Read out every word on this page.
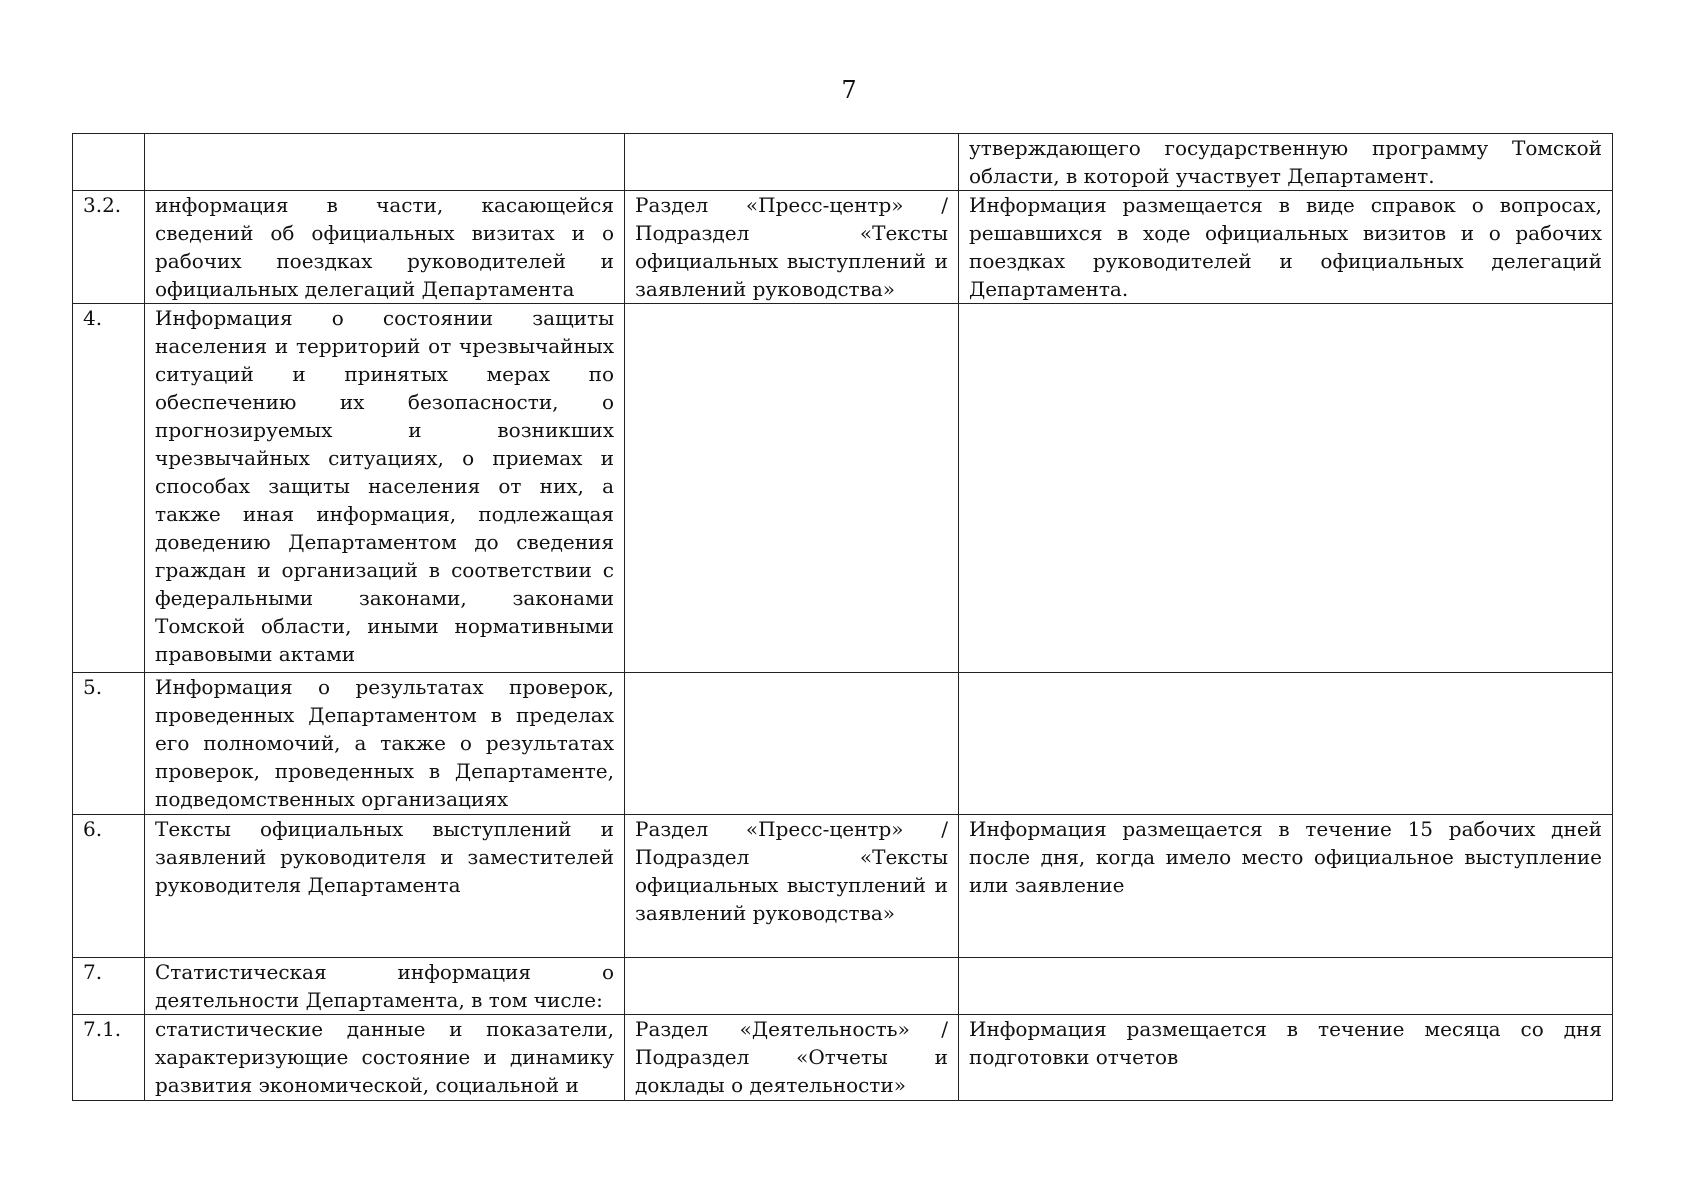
7
			утверждающего государственную программу Томской области, в которой участвует Департамент.
3.2.	информация в части, касающейся сведений об официальных визитах и о рабочих поездках руководителей и официальных делегаций Департамента	Раздел «Пресс-центр» / Подраздел «Тексты официальных выступлений и заявлений руководства»	Информация размещается в виде справок о вопросах, решавшихся в ходе официальных визитов и о рабочих поездках руководителей и официальных делегаций Департамента.
4.	Информация о состоянии защиты населения и территорий от чрезвычайных ситуаций и принятых мерах по обеспечению их безопасности, о прогнозируемых и возникших чрезвычайных ситуациях, о приемах и способах защиты населения от них, а также иная информация, подлежащая доведению Департаментом до сведения граждан и организаций в соответствии с федеральными законами, законами Томской области, иными нормативными правовыми актами		
5.	Информация о результатах проверок, проведенных Департаментом в пределах его полномочий, а также о результатах проверок, проведенных в Департаменте, подведомственных организациях		
6.	Тексты официальных выступлений и заявлений руководителя и заместителей руководителя Департамента	Раздел «Пресс-центр» / Подраздел «Тексты официальных выступлений и заявлений руководства»	Информация размещается в течение 15 рабочих дней после дня, когда имело место официальное выступление или заявление
7.	Статистическая информация о деятельности Департамента, в том числе:		
7.1.	статистические данные и показатели, характеризующие состояние и динамику развития экономической, социальной и	Раздел «Деятельность» / Подраздел «Отчеты и доклады о деятельности»	Информация размещается в течение месяца со дня подготовки отчетов
